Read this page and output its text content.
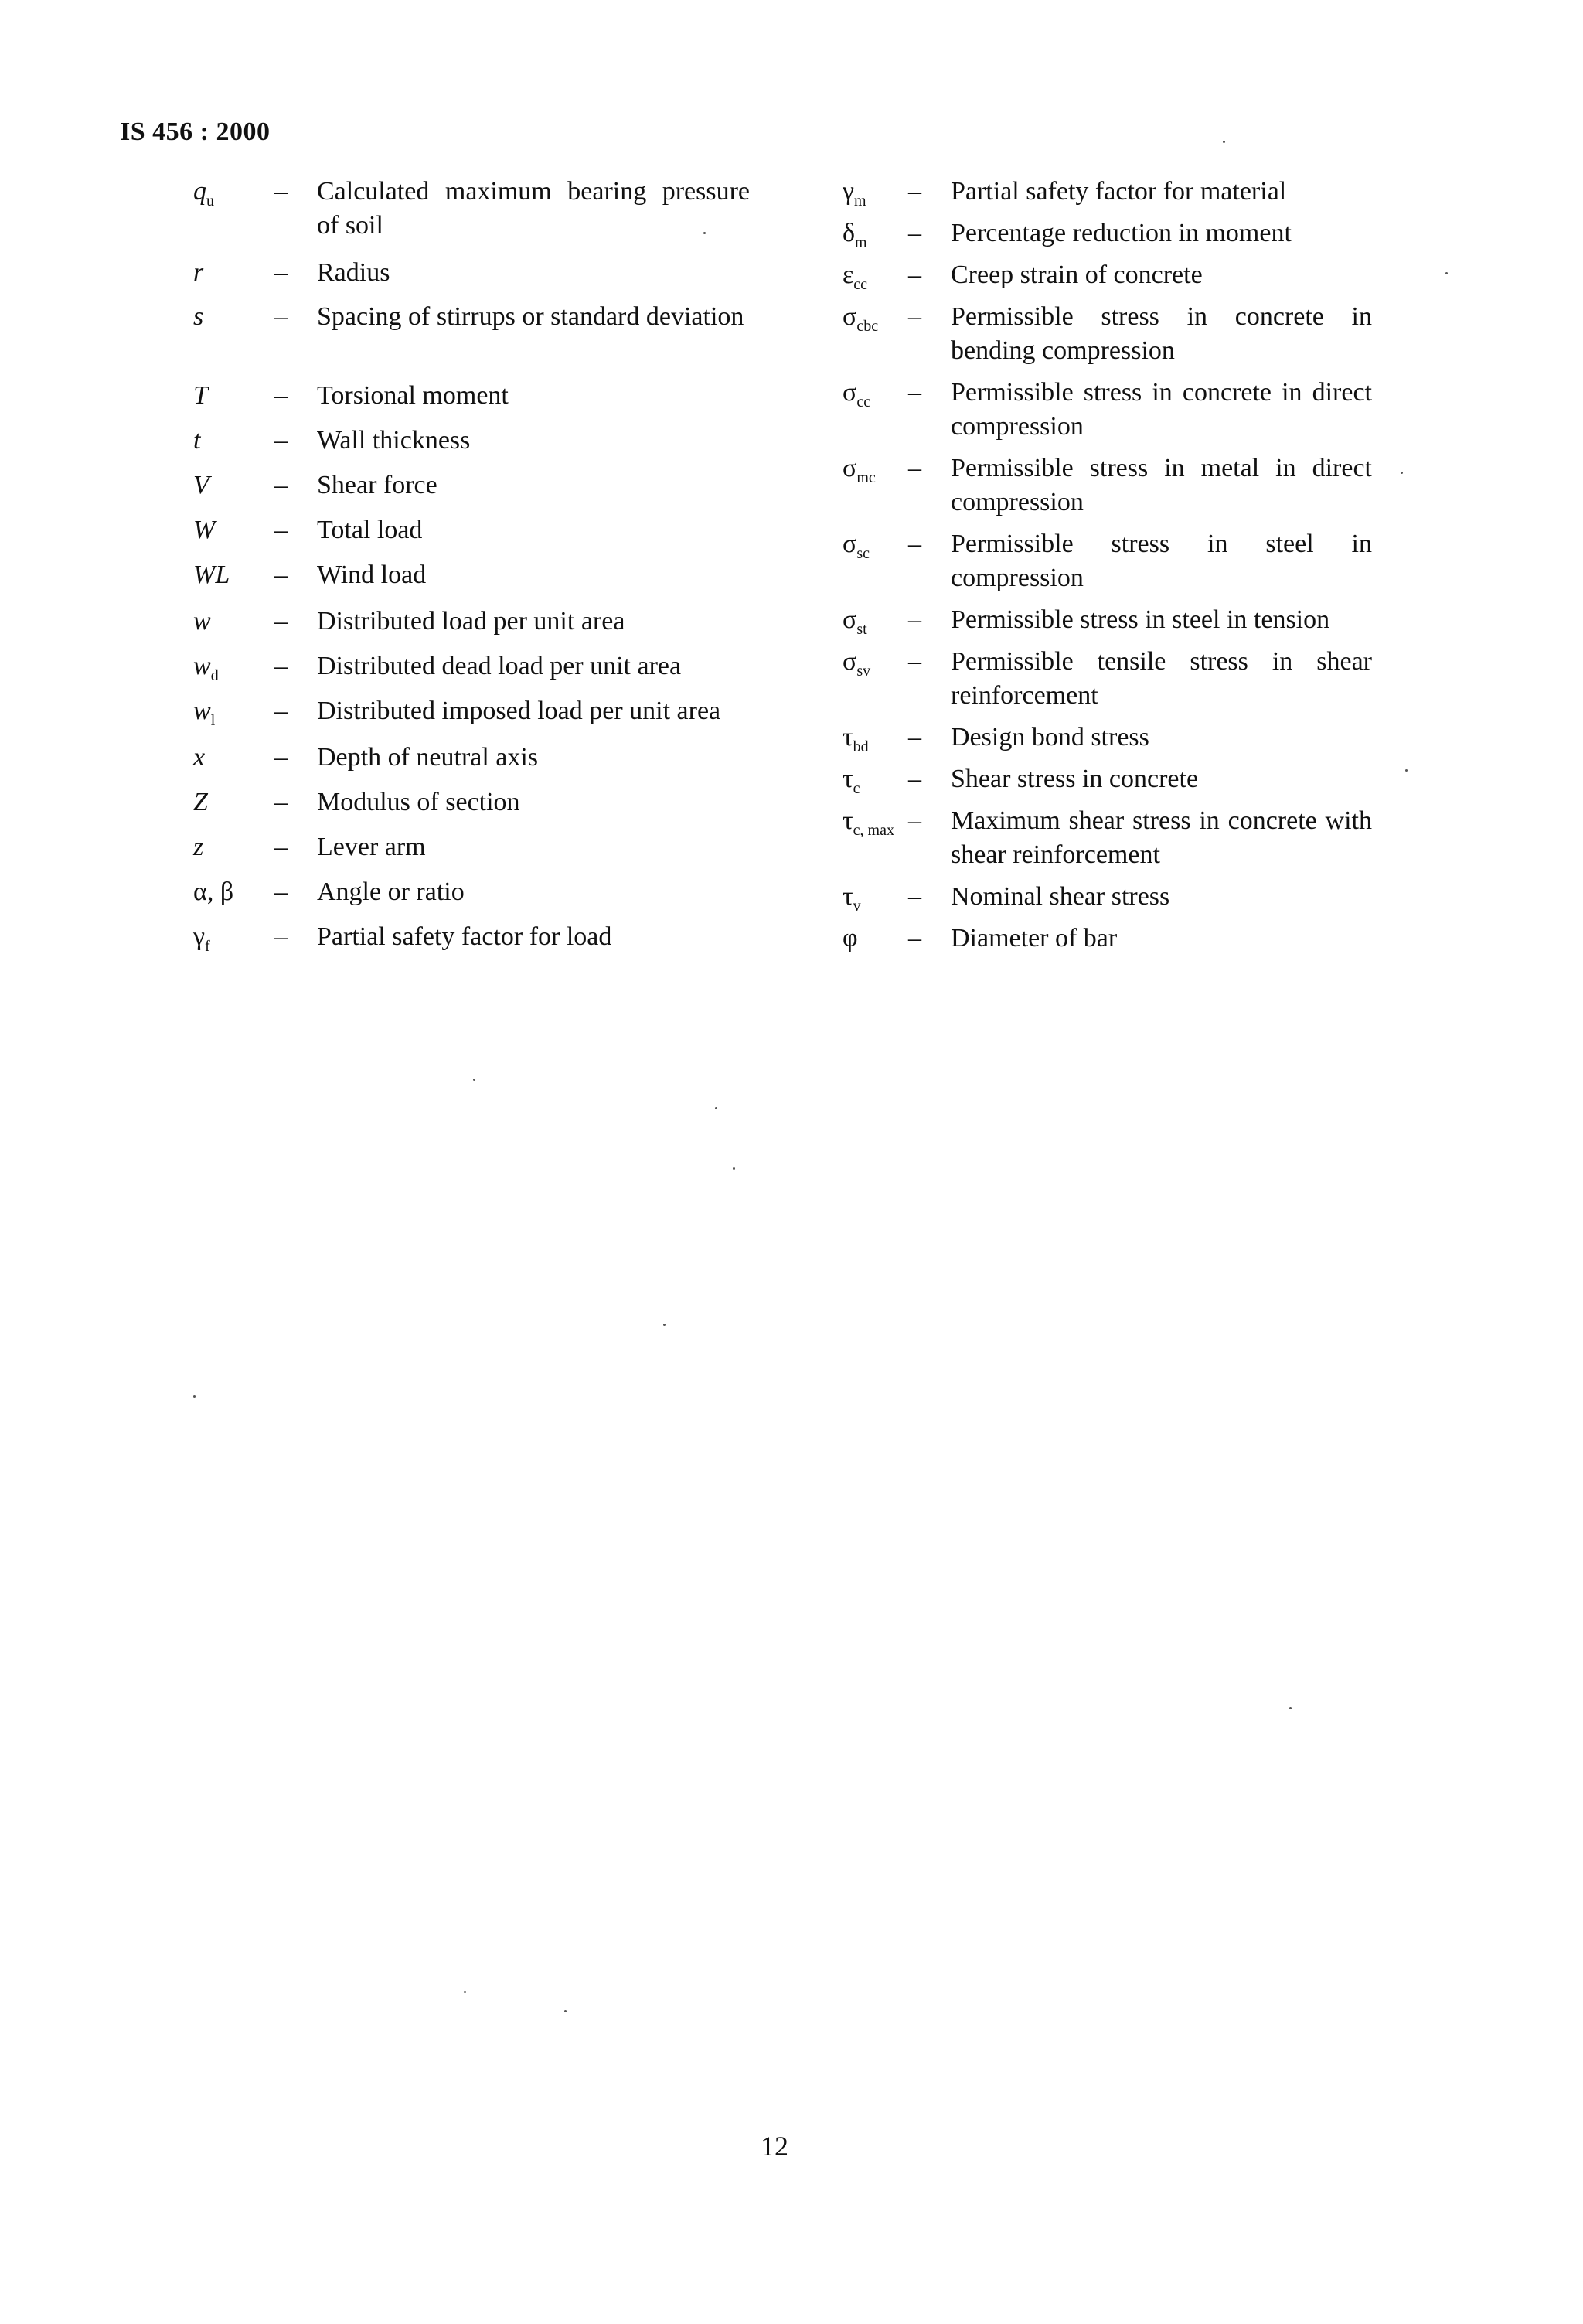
IS 456 : 2000
$q_u$ – Calculated maximum bearing pressure of soil
r	– Radius
s	– Spacing of stirrups or standard deviation
T	– Torsional moment
t	– Wall thickness
V – Shear force
W – Total load
WL – Wind load
w – Distributed load per unit area
$w_d$ – Distributed dead load per unit area
$w_l$ – Distributed imposed load per unit area
x	– Depth of neutral axis
Z	– Modulus of section
z	– Lever arm
α, β – Angle or ratio
$\gamma_f$ – Partial safety factor for load
$\gamma_m$ – Partial safety factor for material
$\delta_m$ – Percentage reduction in moment
$\varepsilon_{cc}$ – Creep strain of concrete
$\sigma_{cbc}$ – Permissible stress in concrete in bending compression
$\sigma_{cc}$ – Permissible stress in concrete in direct compression
$\sigma_{mc}$ – Permissible stress in metal in direct compression
$\sigma_{sc}$ – Permissible stress in steel in compression
$\sigma_{st}$ – Permissible stress in steel in tension
$\sigma_{sv}$ – Permissible tensile stress in shear reinforcement
$\tau_{bd}$ – Design bond stress
$\tau_c$ – Shear stress in concrete
$\tau_{c, max}$ – Maximum shear stress in concrete with shear reinforcement
$\tau_v$ – Nominal shear stress
φ – Diameter of bar
12
